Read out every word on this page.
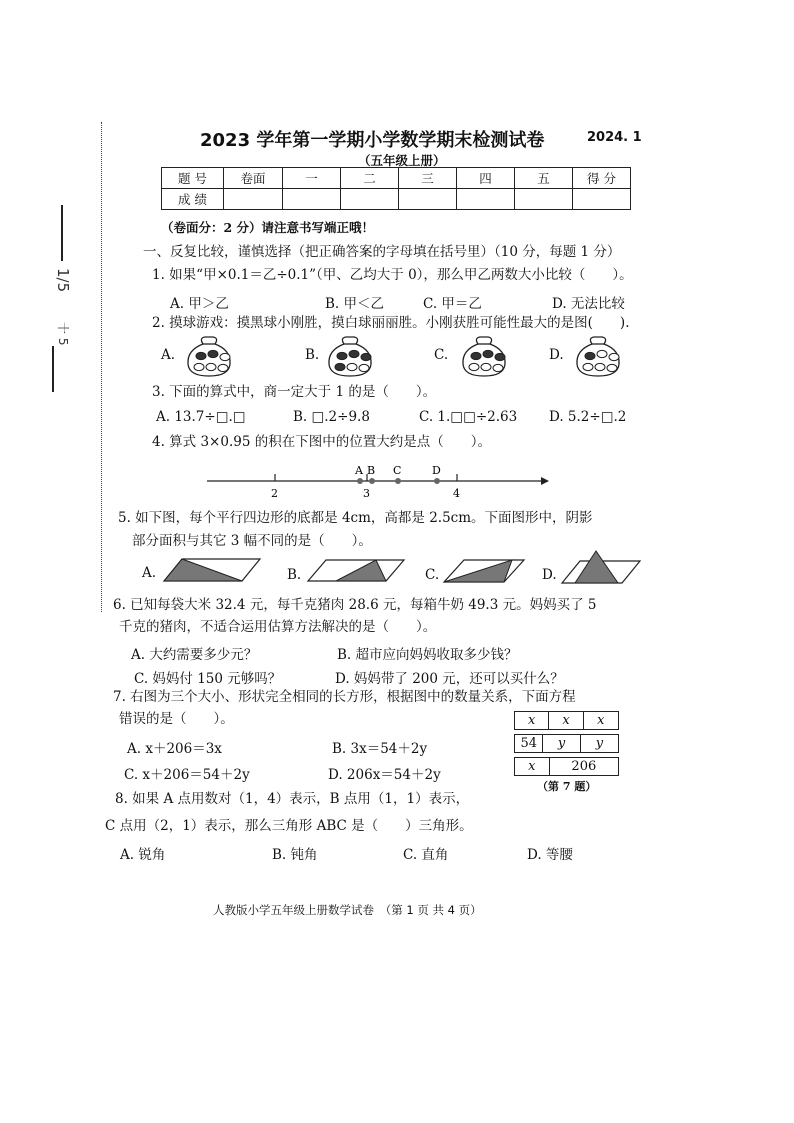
1/5
十 5
2023 学年第一学期小学数学期末检测试卷	2024. 1
（五年级上册）
题 号	卷面	一	二	三	四	五	得 分
成 绩							
（卷面分：2 分）请注意书写端正哦！
一、反复比较，谨慎选择（把正确答案的字母填在括号里）（10 分，每题 1 分）
1. 如果“甲×0.1＝乙÷0.1”（甲、乙均大于 0），那么甲乙两数大小比较（　　）。
A. 甲＞乙	B. 甲＜乙	C. 甲＝乙	D. 无法比较
2. 摸球游戏：摸黑球小刚胜，摸白球丽丽胜。小刚获胜可能性最大的是图(　　).
A.	B.	C.	D.
3. 下面的算式中，商一定大于 1 的是（　　）。
A. 13.7÷□.□	B. □.2÷9.8	C. 1.□□÷2.63 D. 5.2÷□.2
4. 算式 3×0.95 的积在下图中的位置大约是点（　　）。
2	3	4
A B C	D
5. 如下图，每个平行四边形的底都是 4cm，高都是 2.5cm。下面图形中，阴影
部分面积与其它 3 幅不同的是（　　）。
A.	B.	C.	D.
6. 已知每袋大米 32.4 元，每千克猪肉 28.6 元，每箱牛奶 49.3 元。妈妈买了 5
千克的猪肉，不适合运用估算方法解决的是（　　）。
A. 大约需要多少元？	B. 超市应向妈妈收取多少钱？
C. 妈妈付 150 元够吗？	D. 妈妈带了 200 元，还可以买什么？
7. 右图为三个大小、形状完全相同的长方形，根据图中的数量关系，下面方程
错误的是（　　）。
A. x＋206＝3x	B. 3x＝54＋2y
C. x＋206＝54＋2y	D. 206x＝54＋2y
x	x	x
54	y	y
x	206
（第 7 题）
8. 如果 A 点用数对（1，4）表示，B 点用（1，1）表示，
C 点用（2，1）表示，那么三角形 ABC 是（　　）三角形。
A. 锐角	B. 钝角	C. 直角	D. 等腰
人教版小学五年级上册数学试卷　（第 1 页 共 4 页）
